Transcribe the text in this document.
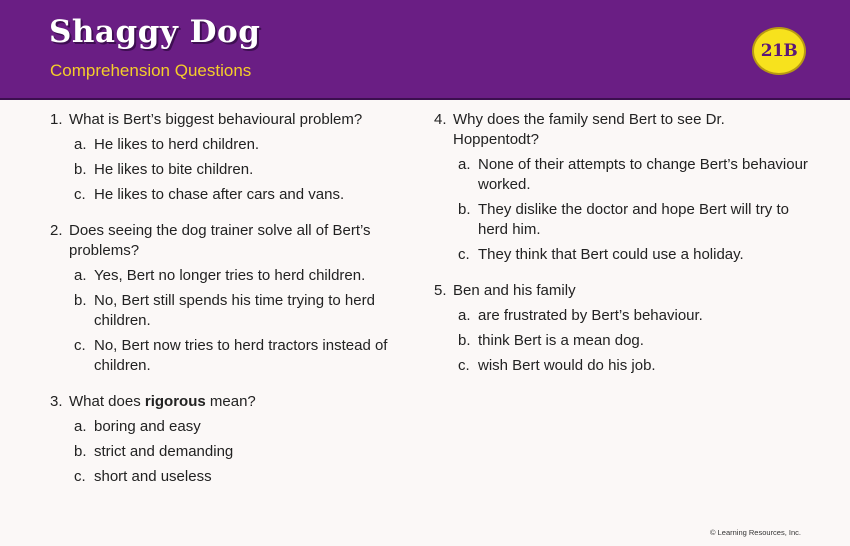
Shaggy Dog
Comprehension Questions
21B
1. What is Bert’s biggest behavioural problem?
a. He likes to herd children.
b. He likes to bite children.
c. He likes to chase after cars and vans.
2. Does seeing the dog trainer solve all of Bert’s problems?
a. Yes, Bert no longer tries to herd children.
b. No, Bert still spends his time trying to herd children.
c. No, Bert now tries to herd tractors instead of children.
3. What does rigorous mean?
a. boring and easy
b. strict and demanding
c. short and useless
4. Why does the family send Bert to see Dr. Hoppentodt?
a. None of their attempts to change Bert’s behaviour worked.
b. They dislike the doctor and hope Bert will try to herd him.
c. They think that Bert could use a holiday.
5. Ben and his family
a. are frustrated by Bert’s behaviour.
b. think Bert is a mean dog.
c. wish Bert would do his job.
© Learning Resources, Inc.
